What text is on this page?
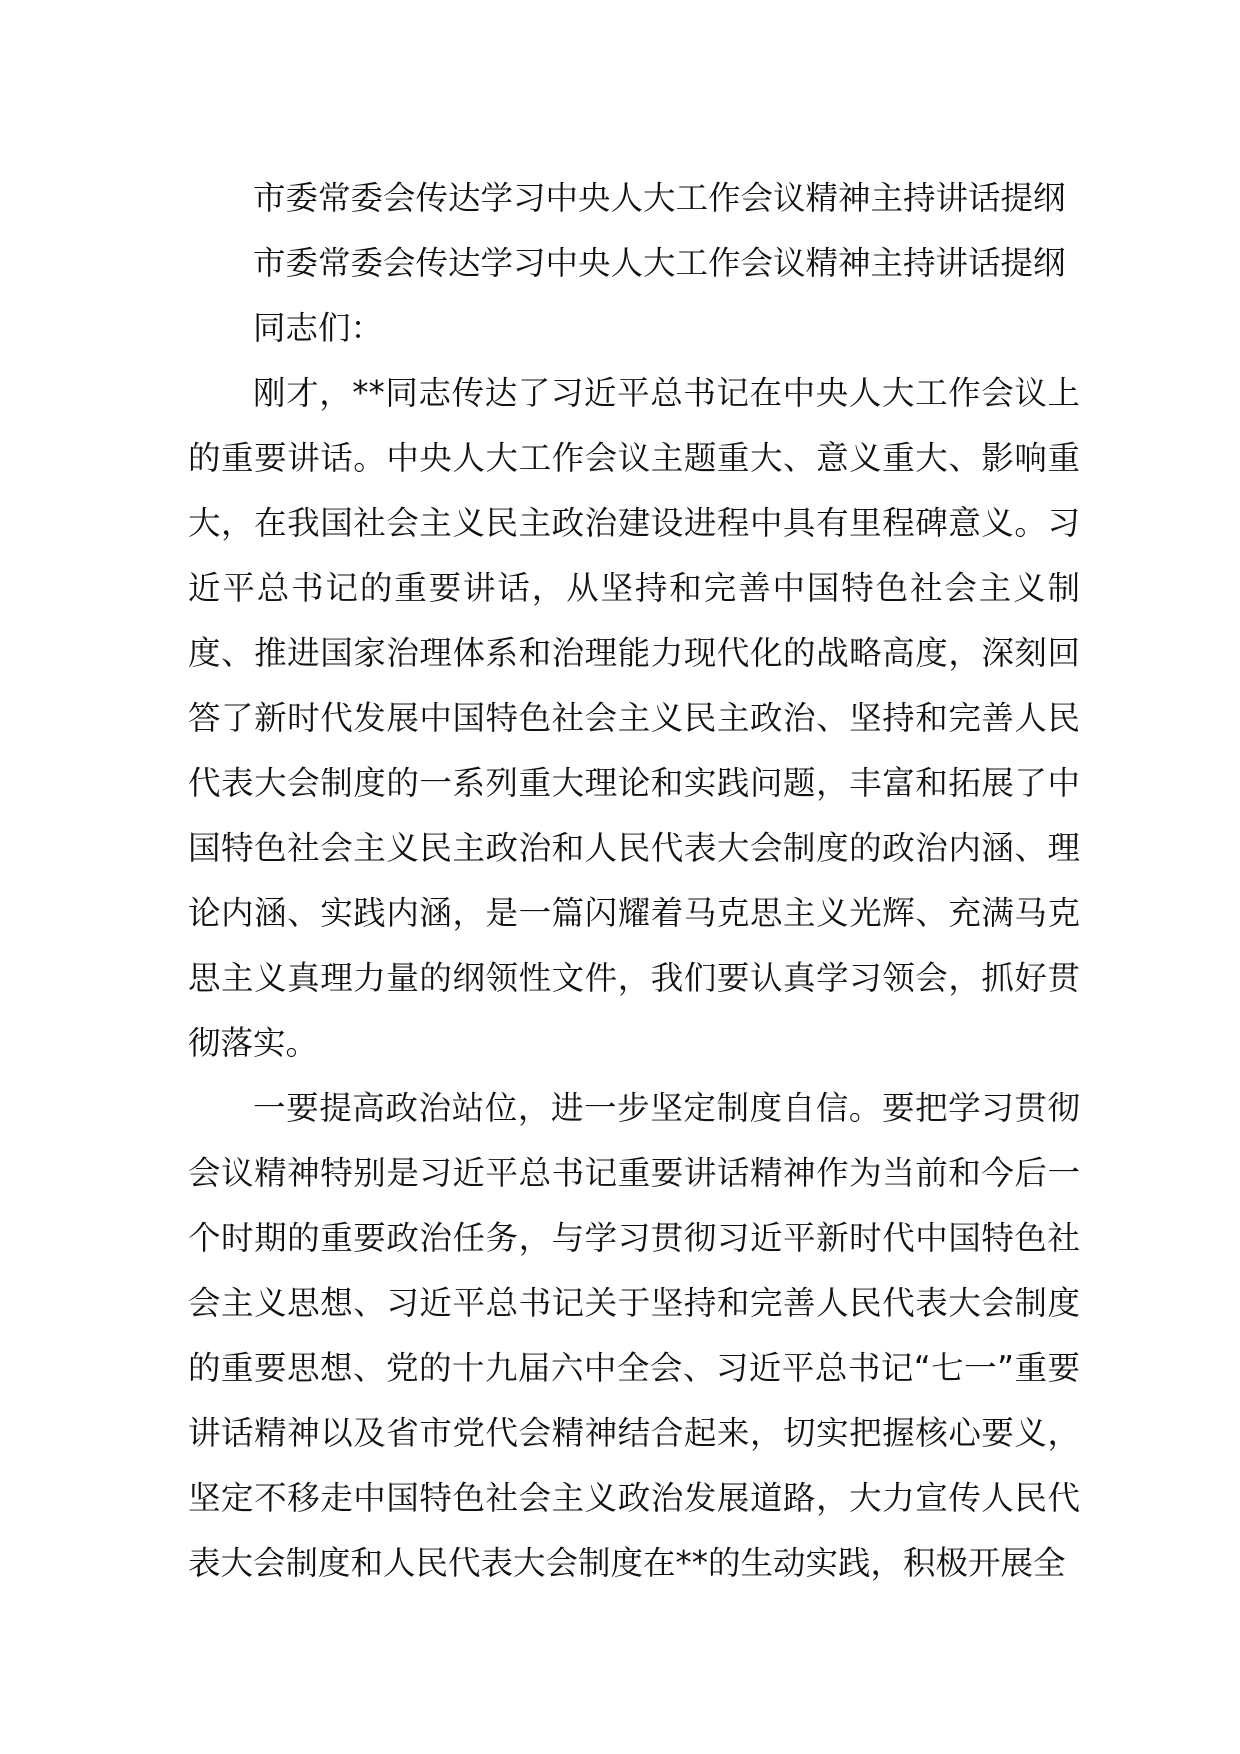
市委常委会传达学习中央人大工作会议精神主持讲话提纲

市委常委会传达学习中央人大工作会议精神主持讲话提纲

同志们：

刚才，**同志传达了习近平总书记在中央人大工作会议上的重要讲话。中央人大工作会议主题重大、意义重大、影响重大，在我国社会主义民主政治建设进程中具有里程碑意义。习近平总书记的重要讲话，从坚持和完善中国特色社会主义制度、推进国家治理体系和治理能力现代化的战略高度，深刻回答了新时代发展中国特色社会主义民主政治、坚持和完善人民代表大会制度的一系列重大理论和实践问题，丰富和拓展了中国特色社会主义民主政治和人民代表大会制度的政治内涵、理论内涵、实践内涵，是一篇闪耀着马克思主义光辉、充满马克思主义真理力量的纲领性文件，我们要认真学习领会，抓好贯彻落实。

一要提高政治站位，进一步坚定制度自信。要把学习贯彻会议精神特别是习近平总书记重要讲话精神作为当前和今后一个时期的重要政治任务，与学习贯彻习近平新时代中国特色社会主义思想、习近平总书记关于坚持和完善人民代表大会制度的重要思想、党的十九届六中全会、习近平总书记“七一”重要讲话精神以及省市党代会精神结合起来，切实把握核心要义，坚定不移走中国特色社会主义政治发展道路，大力宣传人民代表大会制度和人民代表大会制度在**的生动实践，积极开展全
